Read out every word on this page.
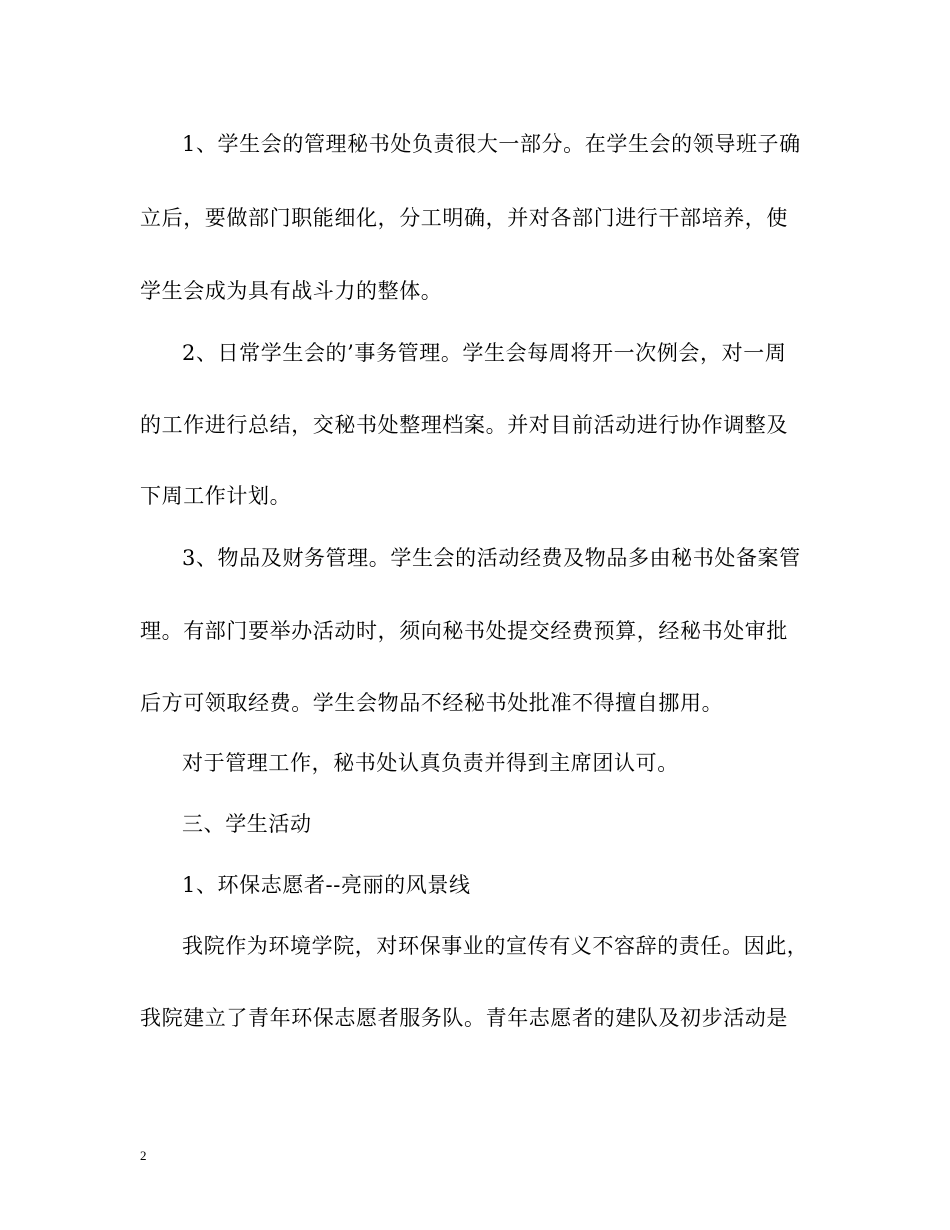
1、学生会的管理秘书处负责很大一部分。在学生会的领导班子确
立后，要做部门职能细化，分工明确，并对各部门进行干部培养，使
学生会成为具有战斗力的整体。
2、日常学生会的’事务管理。学生会每周将开一次例会，对一周
的工作进行总结，交秘书处整理档案。并对目前活动进行协作调整及
下周工作计划。
3、物品及财务管理。学生会的活动经费及物品多由秘书处备案管
理。有部门要举办活动时，须向秘书处提交经费预算，经秘书处审批
后方可领取经费。学生会物品不经秘书处批准不得擅自挪用。
对于管理工作，秘书处认真负责并得到主席团认可。
三、学生活动
1、环保志愿者--亮丽的风景线
我院作为环境学院，对环保事业的宣传有义不容辞的责任。因此，
我院建立了青年环保志愿者服务队。青年志愿者的建队及初步活动是
2
